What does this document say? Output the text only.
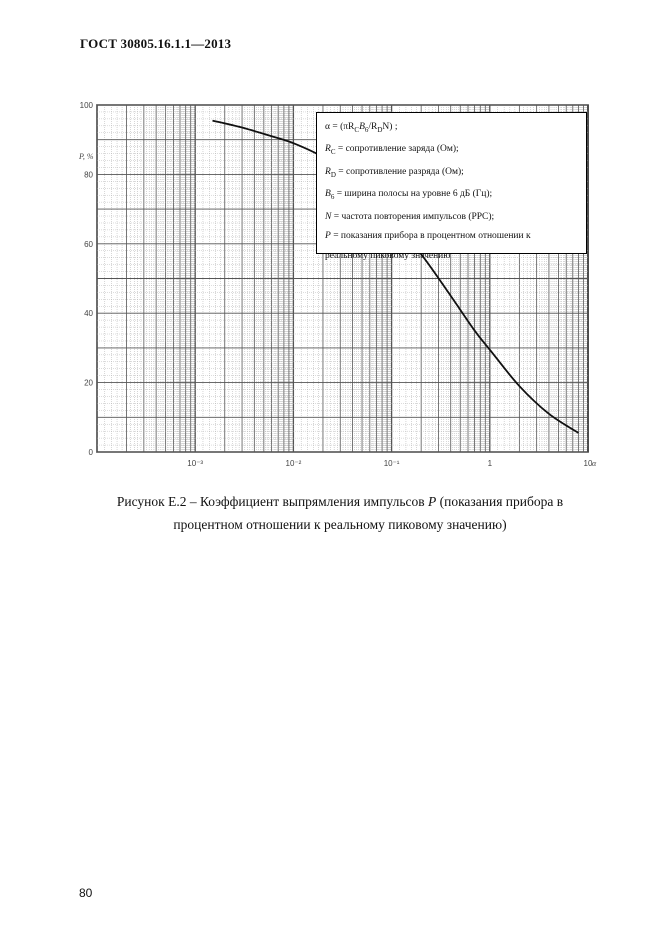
ГОСТ 30805.16.1.1—2013
0
20
40
60
80
100
P, %
10⁻³	10⁻²	10⁻¹	1	10 α
$\alpha = (\pi R_CB_6/R_DN)$ ;
$R_C$ = сопротивление заряда (Ом);
$R_D$ = сопротивление разряда (Ом);
$B_6$ = ширина полосы на уровне 6 дБ (Гц);
N = частота повторения импульсов (PPC);
P = показания прибора в процентном отношении к
реальному пиковому значению
Рисунок Е.2 – Коэффициент выпрямления импульсов P (показания прибора в
процентном отношении к реальному пиковому значению)
80
